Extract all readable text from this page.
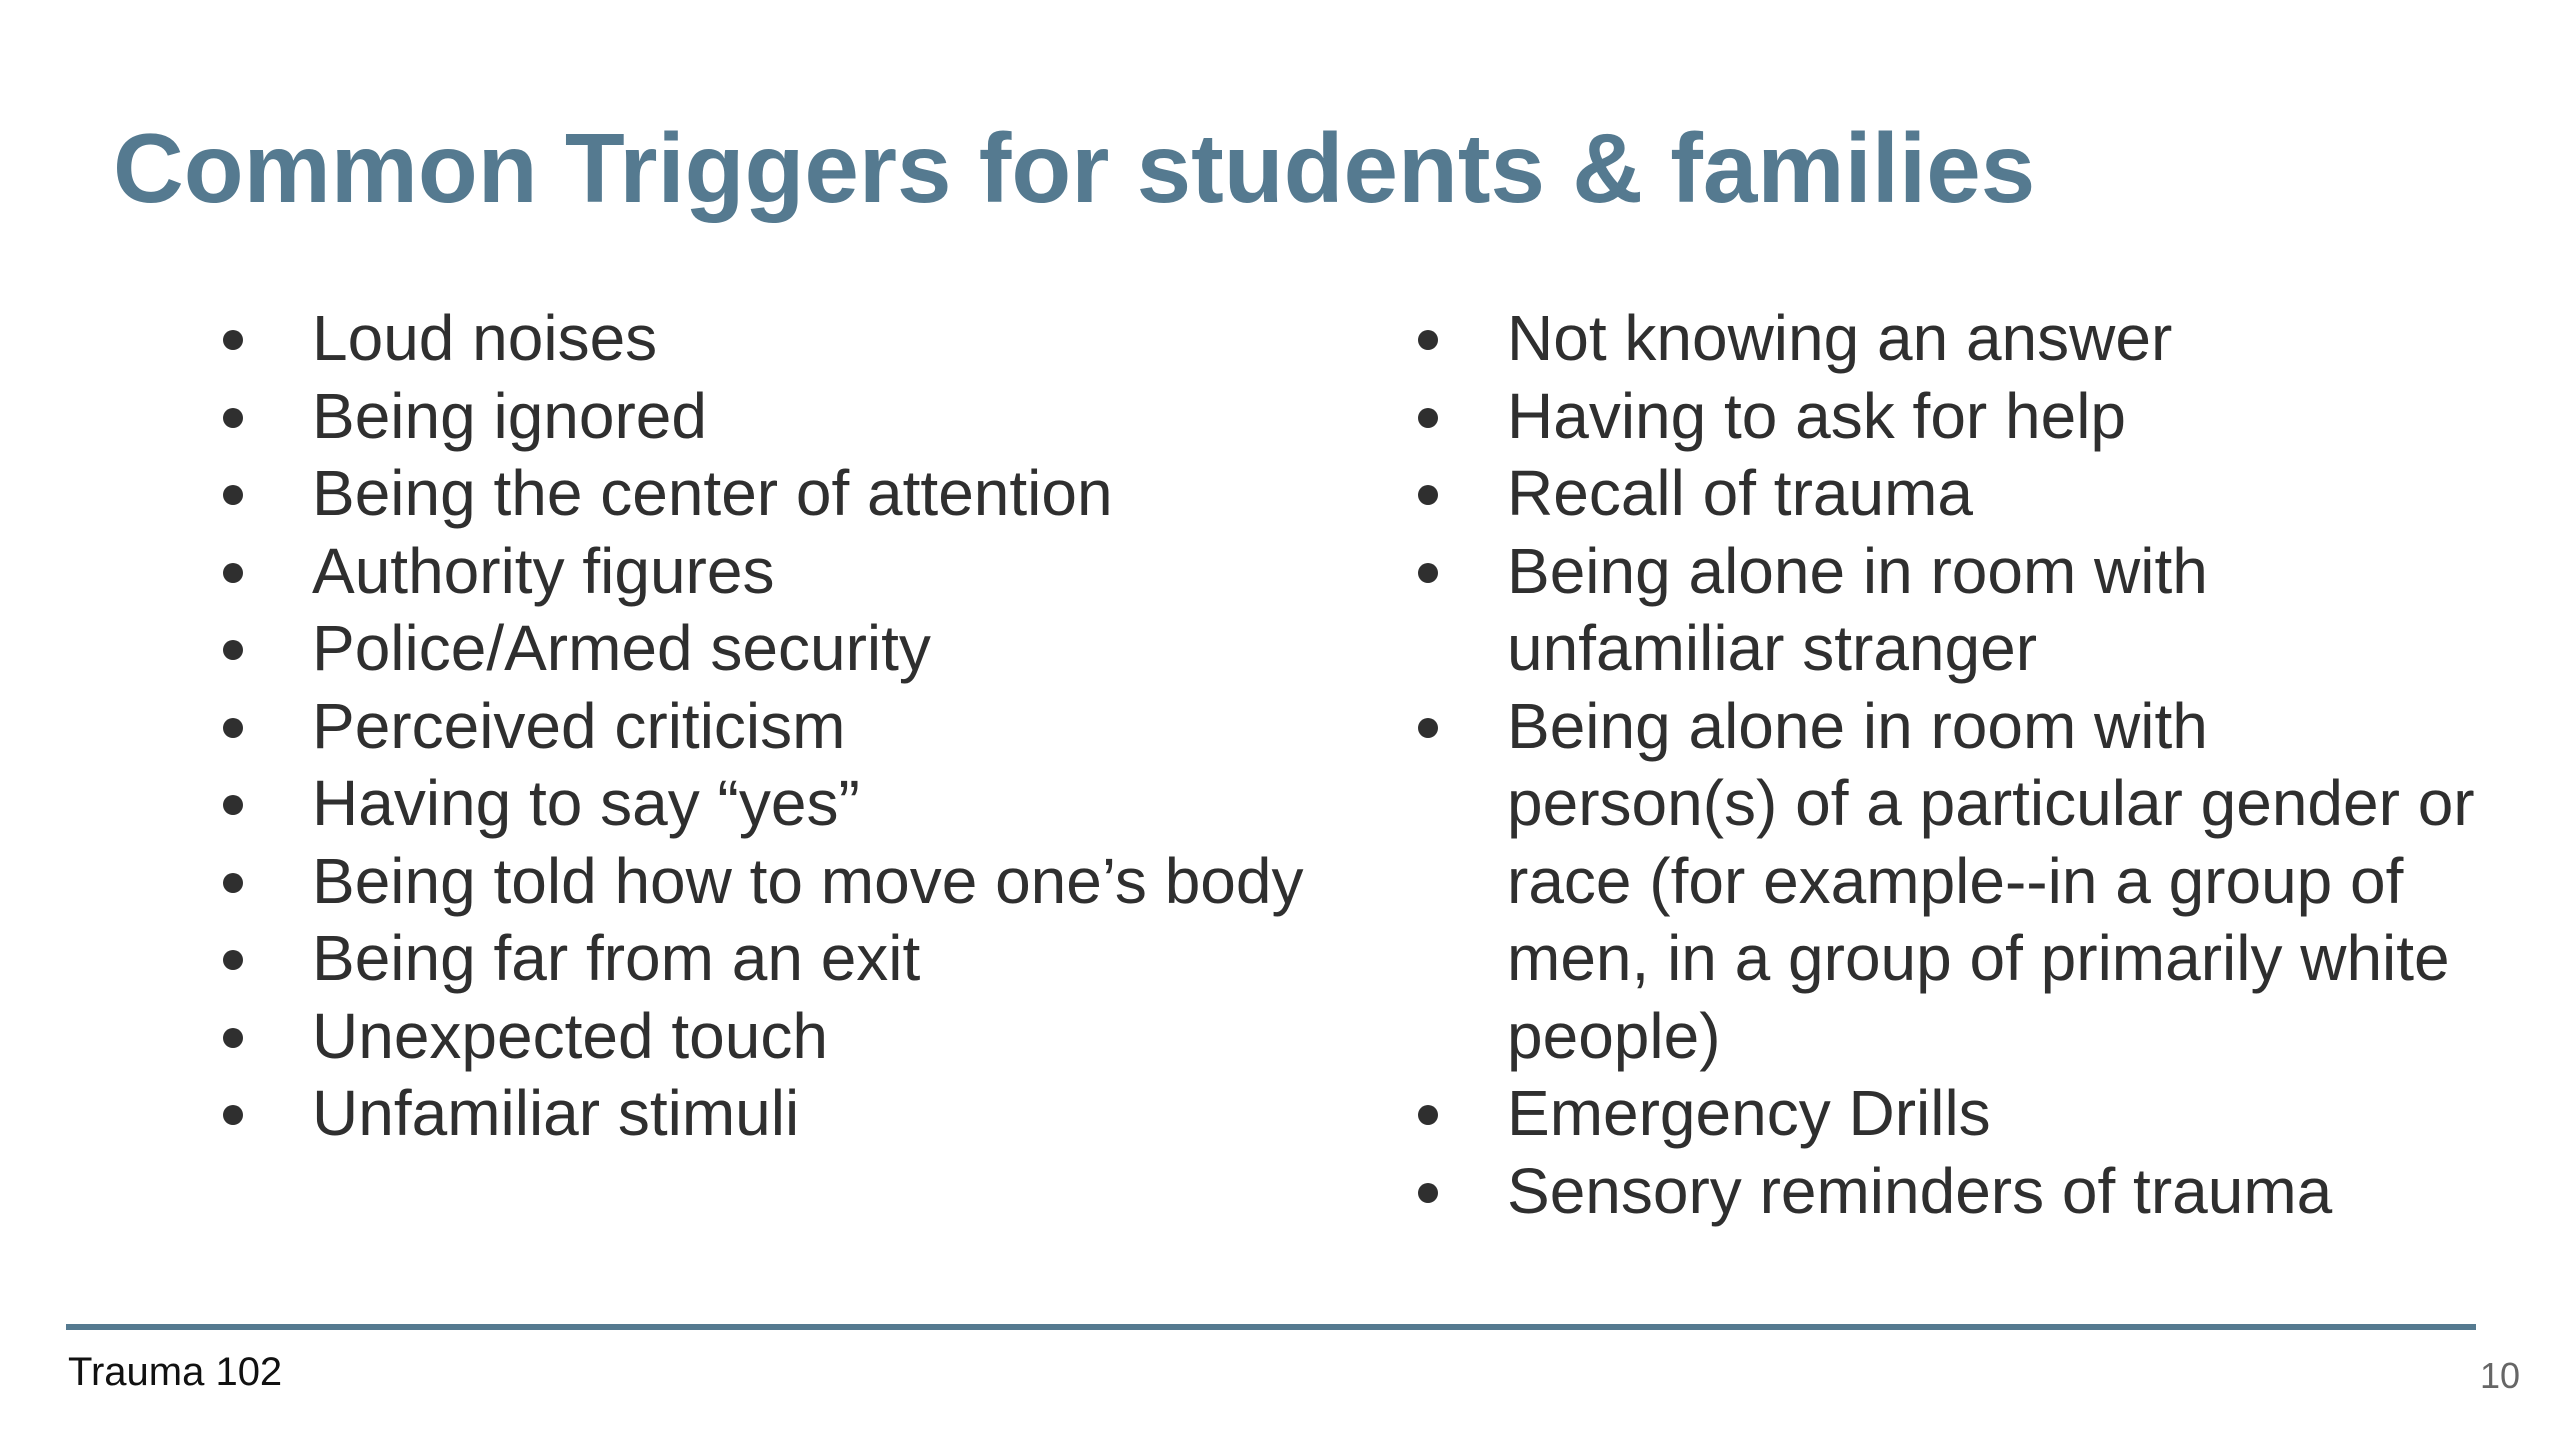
Common Triggers for students & families
Loud noises
Being ignored
Being the center of attention
Authority figures
Police/Armed security
Perceived criticism
Having to say “yes”
Being told how to move one’s body
Being far from an exit
Unexpected touch
Unfamiliar stimuli
Not knowing an answer
Having to ask for help
Recall of trauma
Being alone in room with unfamiliar stranger
Being alone in room with person(s) of a particular gender or race (for example--in a group of men, in a group of primarily white people)
Emergency Drills
Sensory reminders of trauma
Trauma 102	10
